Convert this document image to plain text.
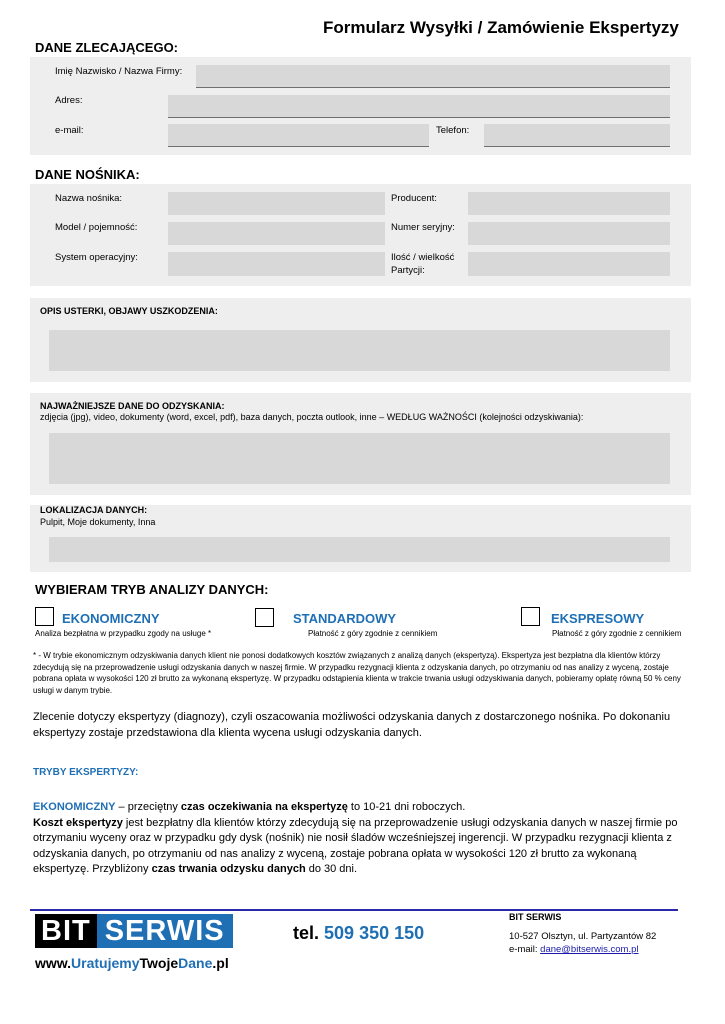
Formularz Wysyłki / Zamówienie Ekspertyzy
DANE ZLECAJĄCEGO:
Imię Nazwisko / Nazwa Firmy:
Adres:
e-mail:	Telefon:
DANE NOŚNIKA:
Nazwa nośnika:	Producent:
Model / pojemność:	Numer seryjny:
System operacyjny:	Ilość / wielkość
Partycji:
OPIS USTERKI, OBJAWY USZKODZENIA:
NAJWAŻNIEJSZE DANE DO ODZYSKANIA:
zdjęcia (jpg), video, dokumenty (word, excel, pdf), baza danych, poczta outlook, inne – WEDŁUG WAŻNOŚCI (kolejności odzyskiwania):
LOKALIZACJA DANYCH:
Pulpit, Moje dokumenty, Inna
WYBIERAM TRYB ANALIZY DANYCH:
EKONOMICZNY
Analiza bezpłatna w przypadku zgody na usługe *
STANDARDOWY
Płatność z góry zgodnie z cennikiem
EKSPRESOWY
Płatność z góry zgodnie z cennikiem
* - W trybie ekonomicznym odzyskiwania danych klient nie ponosi dodatkowych kosztów związanych z analizą danych (ekspertyzą). Ekspertyza jest bezpłatna dla klientów którzy zdecydują się na przeprowadzenie usługi odzyskania danych w naszej firmie. W przypadku rezygnacji klienta z odzyskania danych, po otrzymaniu od nas analizy z wyceną, zostaje pobrana opłata w wysokości 120 zł brutto za wykonaną ekspertyzę. W przypadku odstąpienia klienta w trakcie trwania usługi odzyskiwania danych, pobieramy opłatę równą 50 % ceny usługi w danym trybie.
Zlecenie dotyczy ekspertyzy (diagnozy), czyli oszacowania możliwości odzyskania danych z dostarczonego nośnika. Po dokonaniu ekspertyzy zostaje przedstawiona dla klienta wycena usługi odzyskania danych.
TRYBY EKSPERTYZY:
EKONOMICZNY – przeciętny czas oczekiwania na ekspertyzę to 10-21 dni roboczych.
Koszt ekspertyzy jest bezpłatny dla klientów którzy zdecydują się na przeprowadzenie usługi odzyskania danych w naszej firmie po otrzymaniu wyceny oraz w przypadku gdy dysk (nośnik) nie nosił śladów wcześniejszej ingerencji. W przypadku rezygnacji klienta z odzyskania danych, po otrzymaniu od nas analizy z wyceną, zostaje pobrana opłata w wysokości 120 zł brutto za wykonaną ekspertyzę. Przybliżony czas trwania odzysku danych do 30 dni.
BIT SERWIS
www.UratujemyTwojeDane.pl
tel. 509 350 150
BIT SERWIS
10-527 Olsztyn, ul. Partyzantów 82
e-mail: dane@bitserwis.com.pl
